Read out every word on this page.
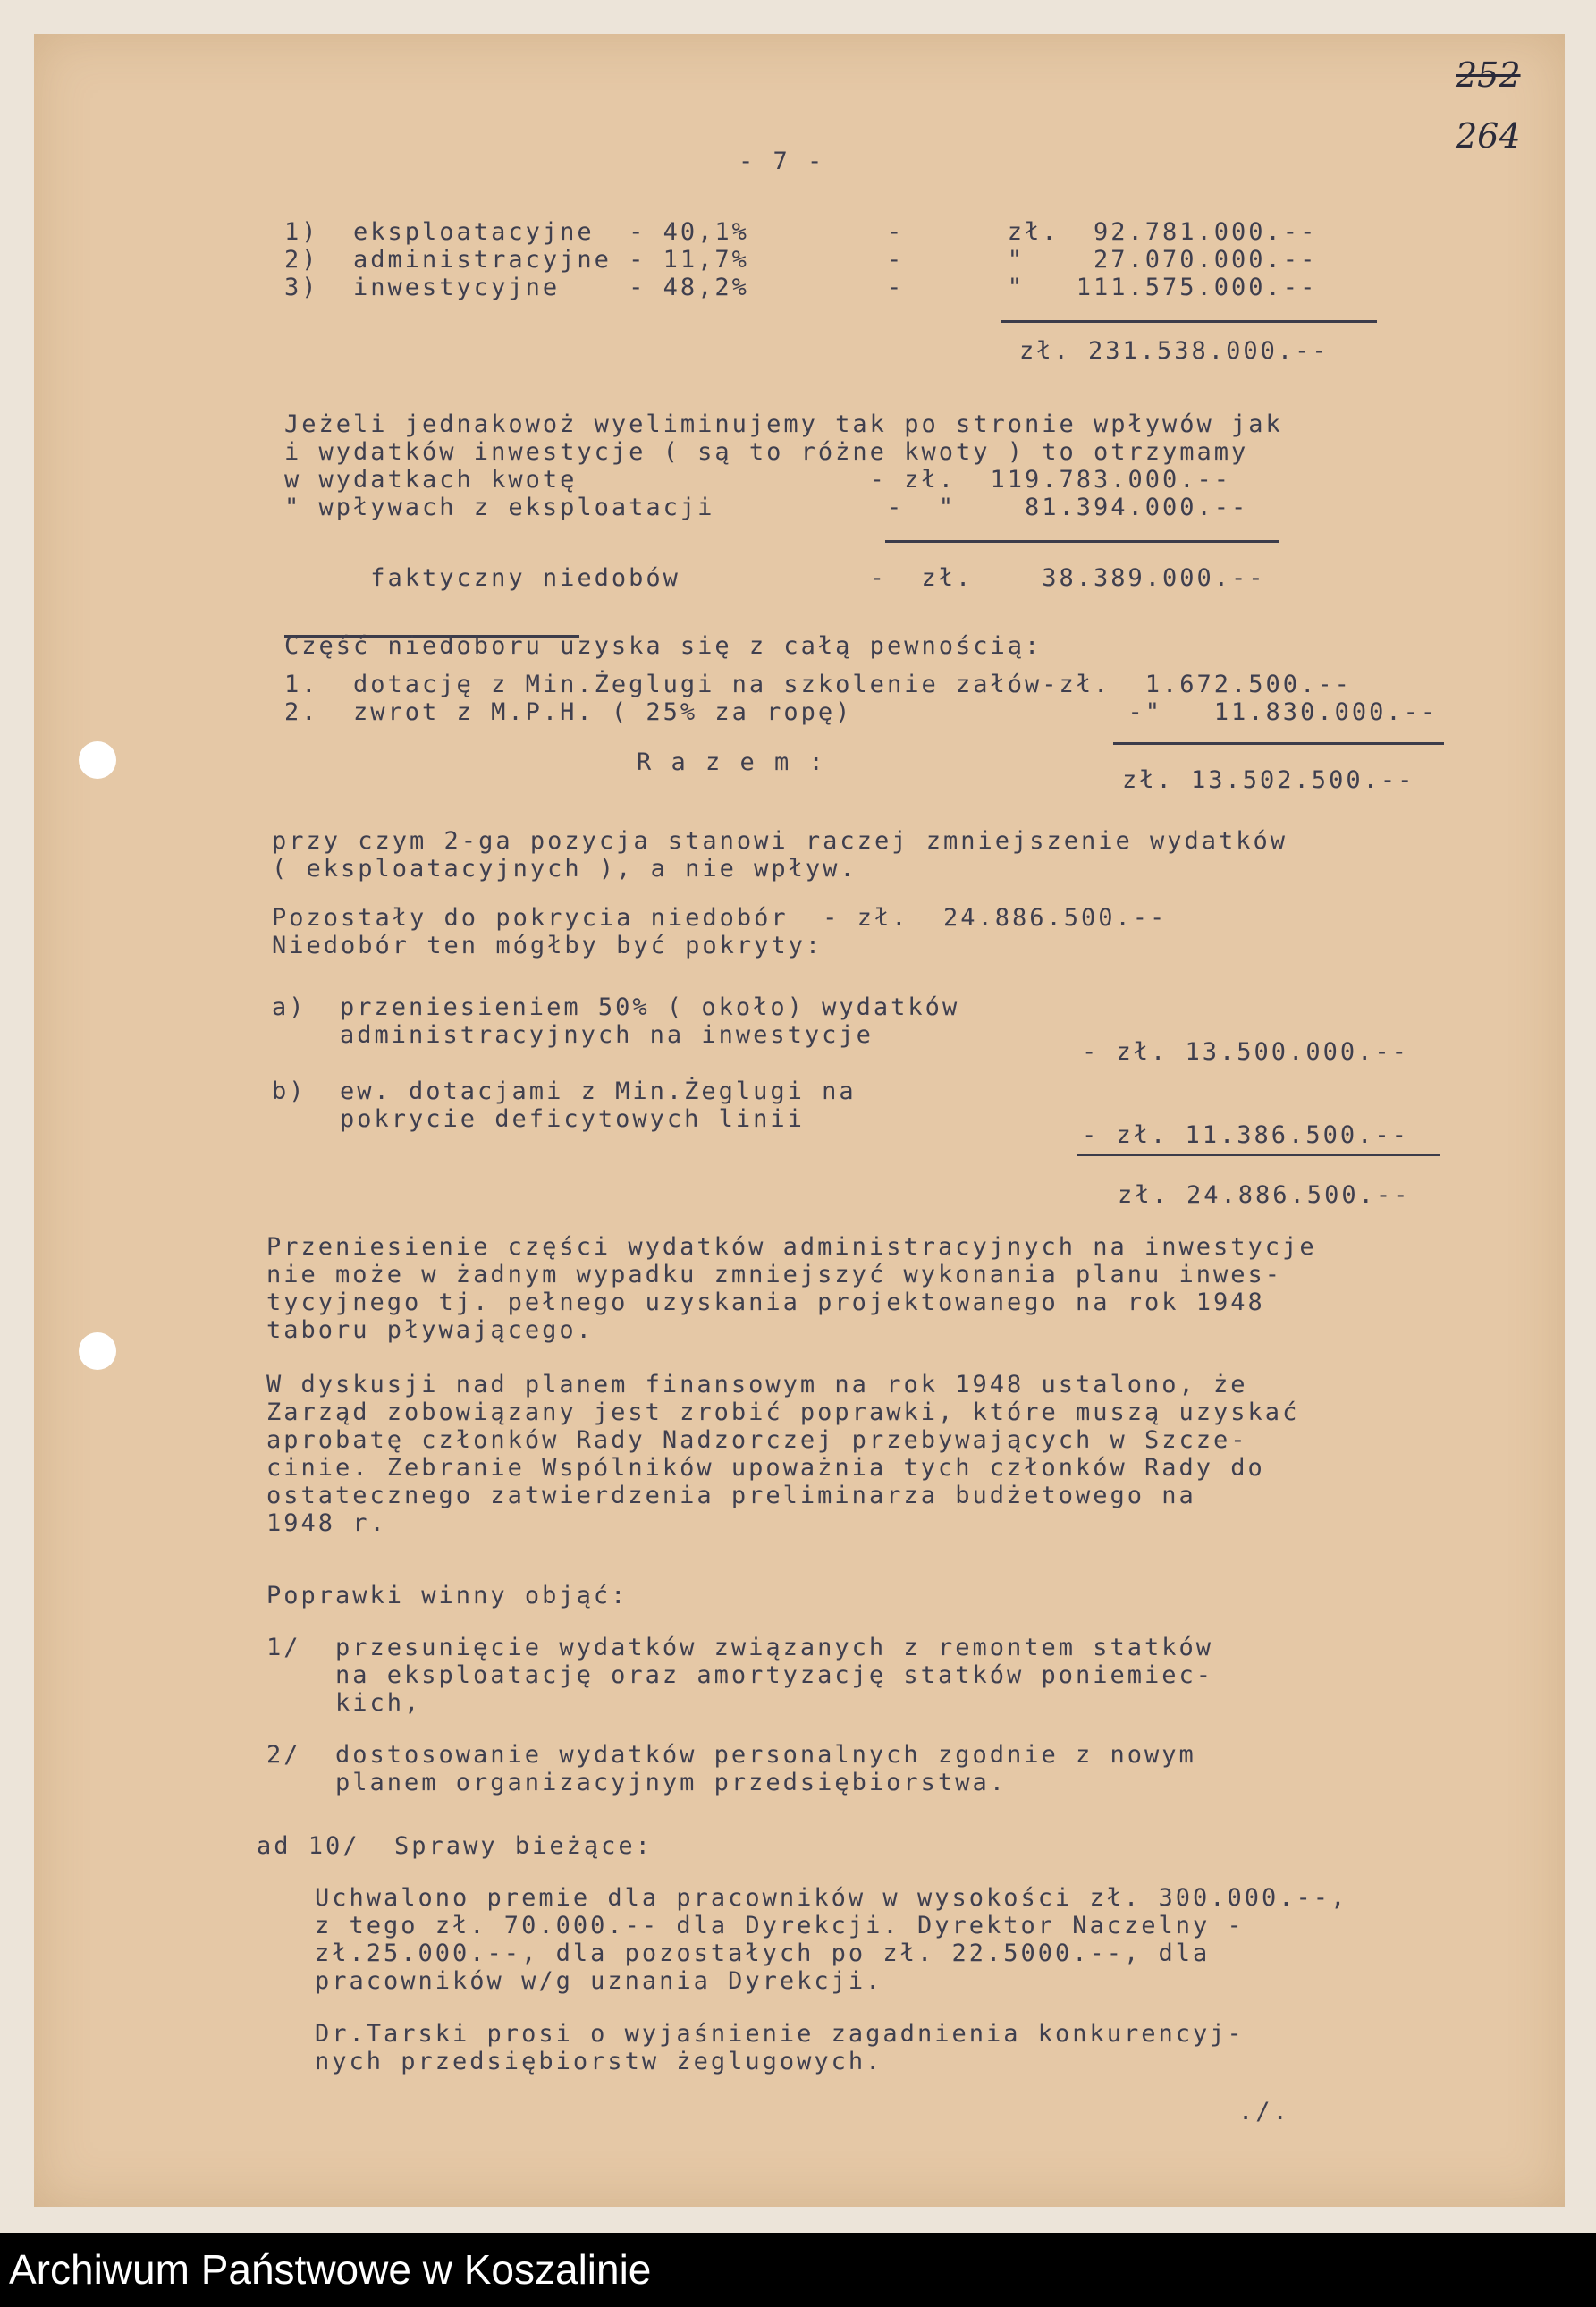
252
264
- 7 -
1)  eksploatacyjne  - 40,1%        -      zł.  92.781.000.--
2)  administracyjne - 11,7%        -      "    27.070.000.--
3)  inwestycyjne    - 48,2%        -      "   111.575.000.--
zł. 231.538.000.--
Jeżeli jednakowoż wyeliminujemy tak po stronie wpływów jak
i wydatków inwestycje ( są to różne kwoty ) to otrzymamy
w wydatkach kwotę                 - zł.  119.783.000.--
" wpływach z eksploatacji          -  "    81.394.000.--
faktyczny niedobów           -  zł.    38.389.000.--
Część niedoboru uzyska się z całą pewnością:
1.  dotację z Min.Żeglugi na szkolenie załów-zł.  1.672.500.--
2.  zwrot z M.P.H. ( 25% za ropę)                -"   11.830.000.--
R a z e m :
zł. 13.502.500.--
przy czym 2-ga pozycja stanowi raczej zmniejszenie wydatków
( eksploatacyjnych ), a nie wpływ.
Pozostały do pokrycia niedobór  - zł.  24.886.500.--
Niedobór ten mógłby być pokryty:
a) przeniesieniem 50% ( około) wydatków
administracyjnych na inwestycje
- zł. 13.500.000.--
b) ew. dotacjami z Min.Żeglugi na
pokrycie deficytowych linii
- zł. 11.386.500.--
zł. 24.886.500.--
Przeniesienie części wydatków administracyjnych na inwestycje
nie może w żadnym wypadku zmniejszyć wykonania planu inwes-
tycyjnego tj. pełnego uzyskania projektowanego na rok 1948
taboru pływającego.
W dyskusji nad planem finansowym na rok 1948 ustalono, że
Zarząd zobowiązany jest zrobić poprawki, które muszą uzyskać
aprobatę członków Rady Nadzorczej przebywających w Szcze-
cinie. Zebranie Wspólników upoważnia tych członków Rady do
ostatecznego zatwierdzenia preliminarza budżetowego na
1948 r.
Poprawki winny objąć:
1/ przesunięcie wydatków związanych z remontem statków
na eksploatację oraz amortyzację statków poniemiec-
kich,
2/ dostosowanie wydatków personalnych zgodnie z nowym
planem organizacyjnym przedsiębiorstwa.
ad 10/  Sprawy bieżące:
Uchwalono premie dla pracowników w wysokości zł. 300.000.--,
z tego zł. 70.000.-- dla Dyrekcji. Dyrektor Naczelny -
zł.25.000.--, dla pozostałych po zł. 22.5000.--, dla
pracowników w/g uznania Dyrekcji.
Dr.Tarski prosi o wyjaśnienie zagadnienia konkurencyj-
nych przedsiębiorstw żeglugowych.
./.
Archiwum Państwowe w Koszalinie
